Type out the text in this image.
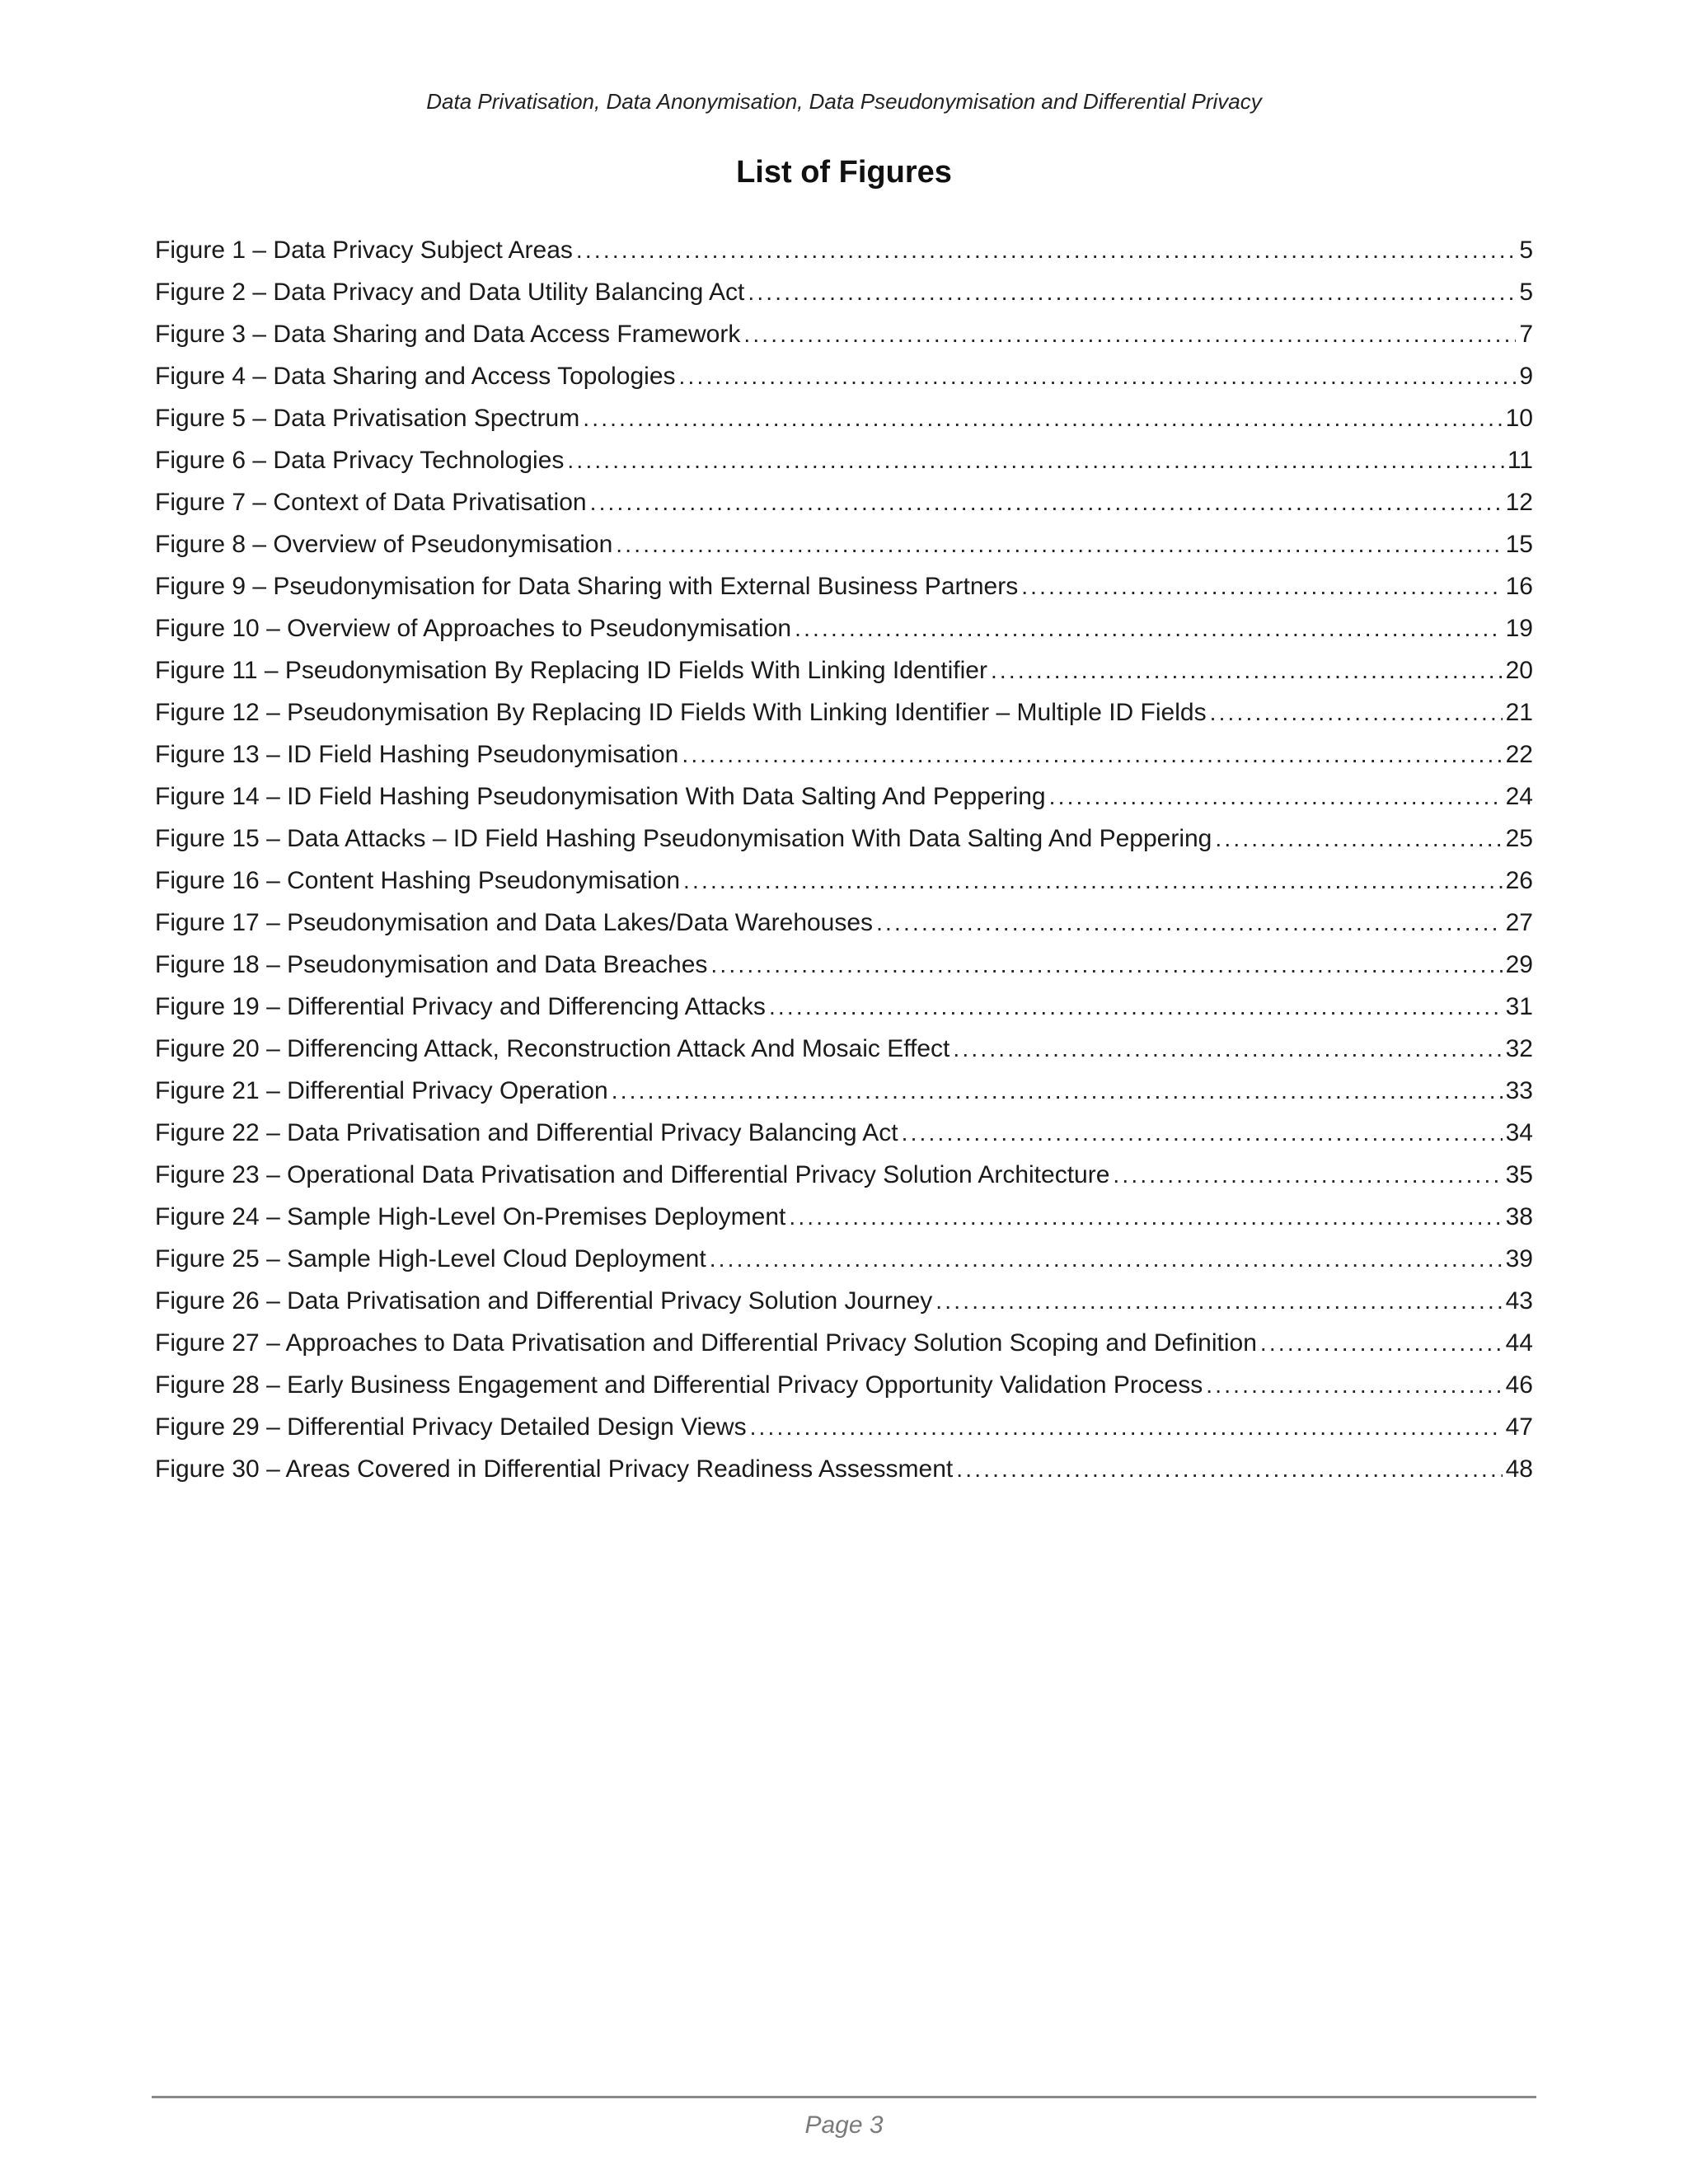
Data Privatisation, Data Anonymisation, Data Pseudonymisation and Differential Privacy
List of Figures
Figure 1 – Data Privacy Subject Areas .....	5
Figure 2 – Data Privacy and Data Utility Balancing Act .....	5
Figure 3 – Data Sharing and Data Access Framework .....	7
Figure 4 – Data Sharing and Access Topologies .....	9
Figure 5 – Data Privatisation Spectrum .....	10
Figure 6 – Data Privacy Technologies .....	11
Figure 7 – Context of Data Privatisation .....	12
Figure 8 – Overview of Pseudonymisation .....	15
Figure 9 – Pseudonymisation for Data Sharing with External Business Partners .....	16
Figure 10 – Overview of Approaches to Pseudonymisation .....	19
Figure 11 – Pseudonymisation By Replacing ID Fields With Linking Identifier .....	20
Figure 12 – Pseudonymisation By Replacing ID Fields With Linking Identifier – Multiple ID Fields .....	21
Figure 13 – ID Field Hashing Pseudonymisation .....	22
Figure 14 – ID Field Hashing Pseudonymisation With Data Salting And Peppering .....	24
Figure 15 – Data Attacks – ID Field Hashing Pseudonymisation With Data Salting And Peppering .....	25
Figure 16 – Content Hashing Pseudonymisation .....	26
Figure 17 – Pseudonymisation and Data Lakes/Data Warehouses .....	27
Figure 18 – Pseudonymisation and Data Breaches .....	29
Figure 19 – Differential Privacy and Differencing Attacks .....	31
Figure 20 – Differencing Attack, Reconstruction Attack And Mosaic Effect .....	32
Figure 21 – Differential Privacy Operation .....	33
Figure 22 – Data Privatisation and Differential Privacy Balancing Act .....	34
Figure 23 – Operational Data Privatisation and Differential Privacy Solution Architecture .....	35
Figure 24 – Sample High-Level On-Premises Deployment .....	38
Figure 25 – Sample High-Level Cloud Deployment .....	39
Figure 26 – Data Privatisation and Differential Privacy Solution Journey .....	43
Figure 27 – Approaches to Data Privatisation and Differential Privacy Solution Scoping and Definition .....	44
Figure 28 – Early Business Engagement and Differential Privacy Opportunity Validation Process .....	46
Figure 29 – Differential Privacy Detailed Design Views .....	47
Figure 30 – Areas Covered in Differential Privacy Readiness Assessment .....	48
Page 3
